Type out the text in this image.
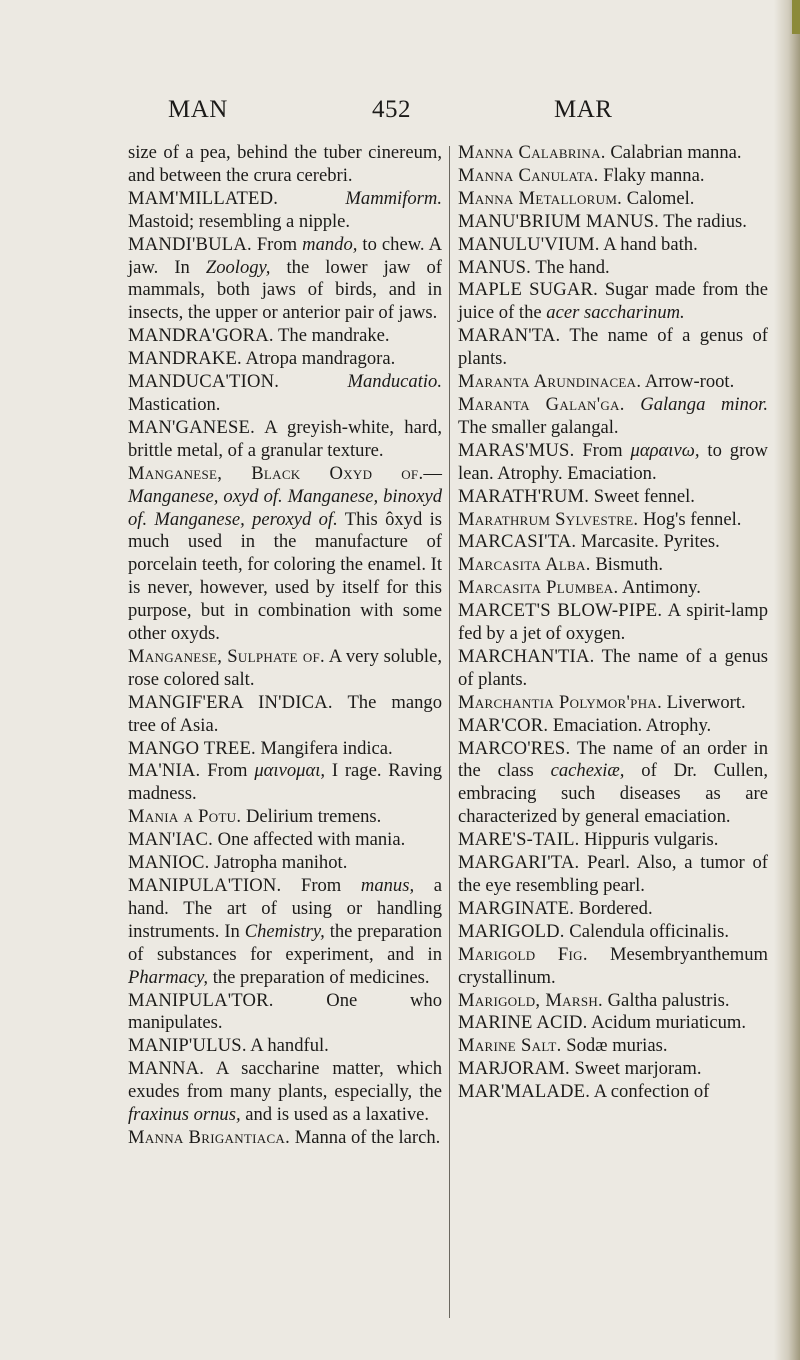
MAN	452	MAR

size of a pea, behind the tuber cinereum, and between the crura cerebri.

MAM'MILLATED.	Mammiform. Mastoid; resembling a nipple.

MANDI'BULA. From mando, to chew. A jaw. In Zoology, the lower jaw of mammals, both jaws of birds, and in insects, the upper or anterior pair of jaws.

MANDRA'GORA. The mandrake.

MANDRAKE. Atropa mandragora.

MANDUCA'TION.	Manducatio. Mastication.

MAN'GANESE. A greyish-white, hard, brittle metal, of a granular texture.

Manganese, Black Oxyd of.— Manganese, oxyd of. Manganese, binoxyd of. Manganese, peroxyd of. This ôxyd is much used in the manufacture of porcelain teeth, for coloring the enamel. It is never, however, used by itself for this purpose, but in combination with some other oxyds.

Manganese, Sulphate of. A very soluble, rose colored salt.

MANGIF'ERA IN'DICA. The mango tree of Asia.

MANGO TREE. Mangifera indica.

MA'NIA. From μαινομαι, I rage. Raving madness.

Mania a Potu. Delirium tremens.

MAN'IAC. One affected with mania.

MANIOC. Jatropha manihot.

MANIPULA'TION. From manus, a hand. The art of using or handling instruments. In Chemistry, the preparation of substances for experiment, and in Pharmacy, the preparation of medicines.

MANIPULA'TOR. One who manipulates.

MANIP'ULUS. A handful.

MANNA. A saccharine matter, which exudes from many plants, especially, the fraxinus ornus, and is used as a laxative.

Manna Brigantiaca. Manna of the larch.

Manna Calabrina. Calabrian manna.

Manna Canulata. Flaky manna.

Manna Metallorum. Calomel.

MANU'BRIUM MANUS. The radius.

MANULU'VIUM. A hand bath.

MANUS. The hand.

MAPLE SUGAR. Sugar made from the juice of the acer saccharinum.

MARAN'TA. The name of a genus of plants.

Maranta Arundinacea. Arrow-root.

Maranta Galan'ga. Galanga minor. The smaller galangal.

MARAS'MUS. From μαραινω, to grow lean. Atrophy. Emaciation.

MARATH'RUM. Sweet fennel.

Marathrum Sylvestre. Hog's fennel.

MARCASI'TA. Marcasite. Pyrites.

Marcasita Alba. Bismuth.

Marcasita Plumbea. Antimony.

MARCET'S BLOW-PIPE. A spirit-lamp fed by a jet of oxygen.

MARCHAN'TIA. The name of a genus of plants.

Marchantia Polymor'pha. Liverwort.

MAR'COR. Emaciation. Atrophy.

MARCO'RES. The name of an order in the class cachexiæ, of Dr. Cullen, embracing such diseases as are characterized by general emaciation.

MARE'S-TAIL. Hippuris vulgaris.

MARGARI'TA. Pearl. Also, a tumor of the eye resembling pearl.

MARGINATE. Bordered.

MARIGOLD. Calendula officinalis.

Marigold Fig. Mesembryanthemum crystallinum.

Marigold, Marsh. Galtha palustris.

MARINE ACID. Acidum muriaticum.

Marine Salt. Sodæ murias.

MARJORAM. Sweet marjoram.

MAR'MALADE. A confection of
